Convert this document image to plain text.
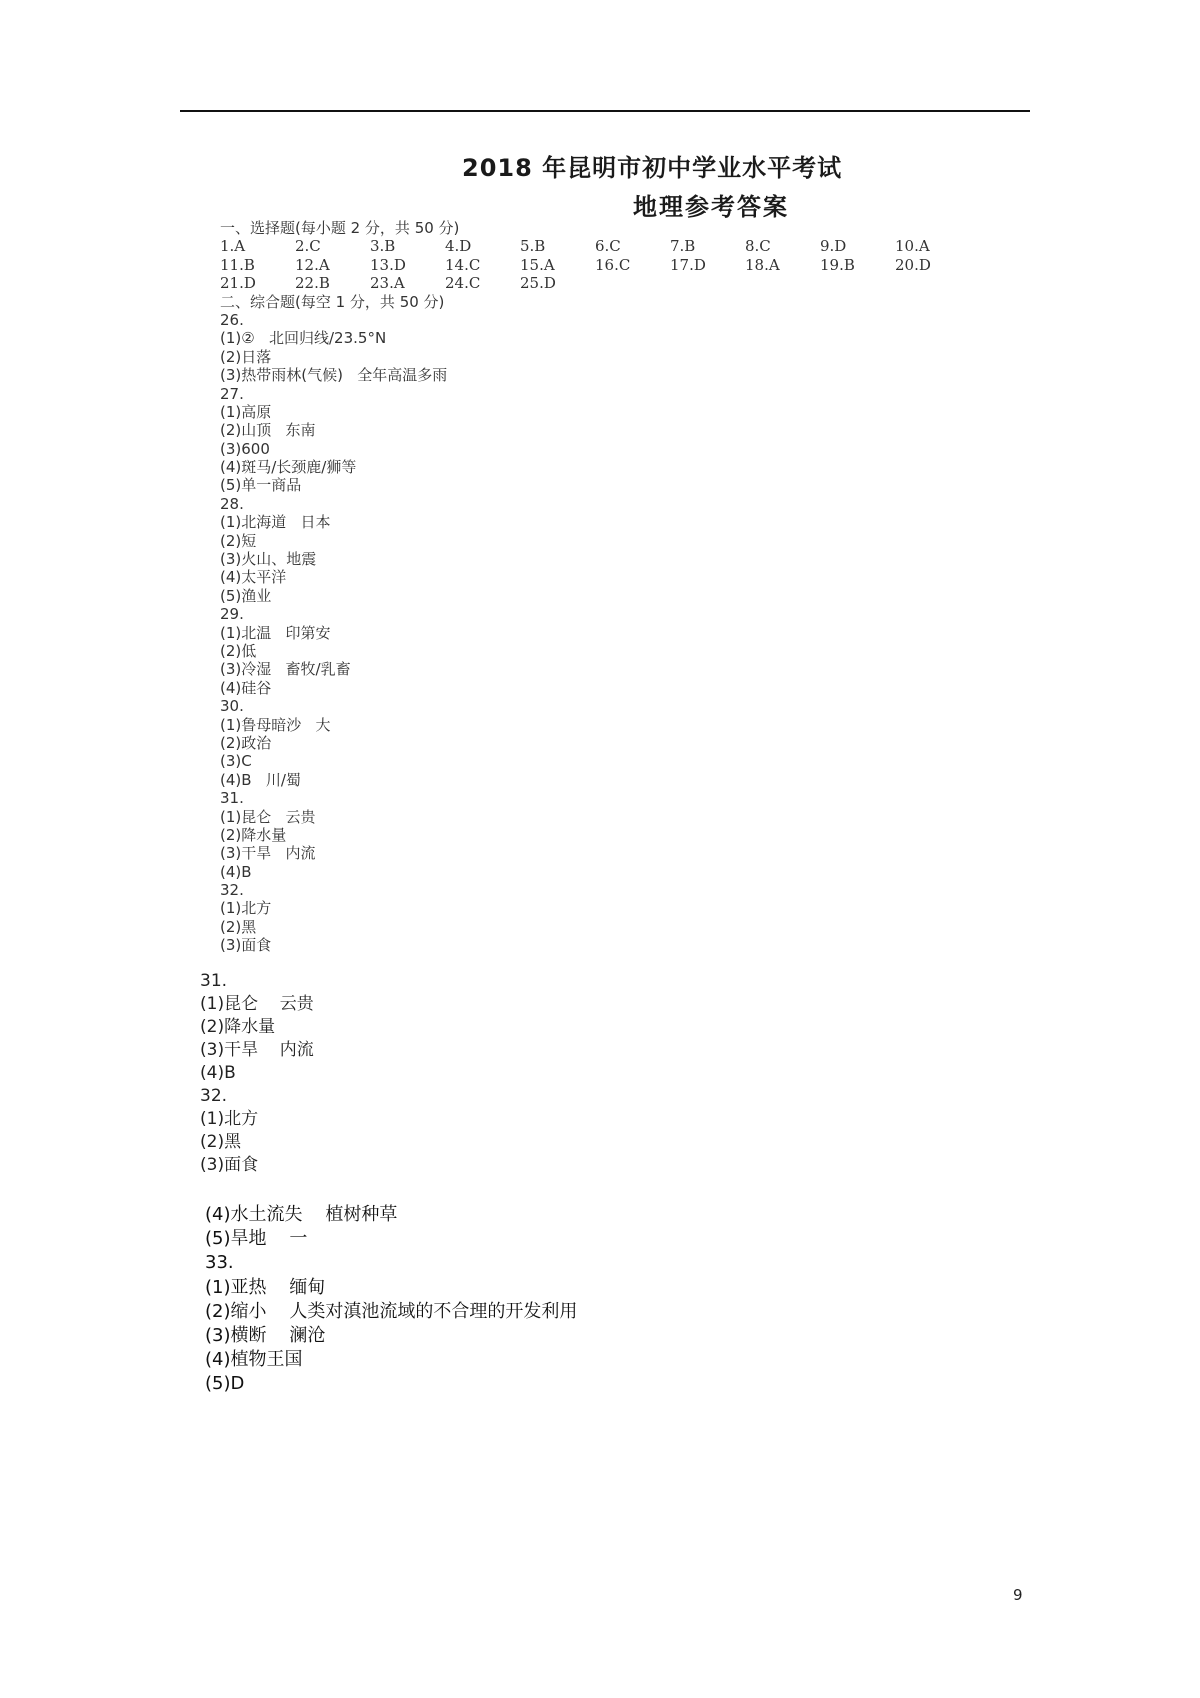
2018 年昆明市初中学业水平考试
地理参考答案
一、选择题(每小题 2 分，共 50 分)
1.A	2.C	3.B	4.D	5.B	6.C	7.B	8.C	9.D	10.A
11.B	12.A	13.D	14.C	15.A	16.C	17.D	18.A	19.B	20.D
21.D	22.B	23.A	24.C	25.D
二、综合题(每空 1 分，共 50 分)
26.
(1)②   北回归线/23.5°N
(2)日落
(3)热带雨林(气候)   全年高温多雨
27.
(1)高原
(2)山顶   东南
(3)600
(4)斑马/长颈鹿/狮等
(5)单一商品
28.
(1)北海道   日本
(2)短
(3)火山、地震
(4)太平洋
(5)渔业
29.
(1)北温   印第安
(2)低
(3)冷湿   畜牧/乳畜
(4)硅谷
30.
(1)鲁母暗沙   大
(2)政治
(3)C
(4)B   川/蜀
31.
(1)昆仑   云贵
(2)降水量
(3)干旱   内流
(4)B
32.
(1)北方
(2)黑
(3)面食
31.
(1)昆仑    云贵
(2)降水量
(3)干旱    内流
(4)B
32.
(1)北方
(2)黑
(3)面食
(4)水土流失    植树种草
(5)旱地    一
33.
(1)亚热    缅甸
(2)缩小    人类对滇池流域的不合理的开发利用
(3)横断    澜沧
(4)植物王国
(5)D
9
